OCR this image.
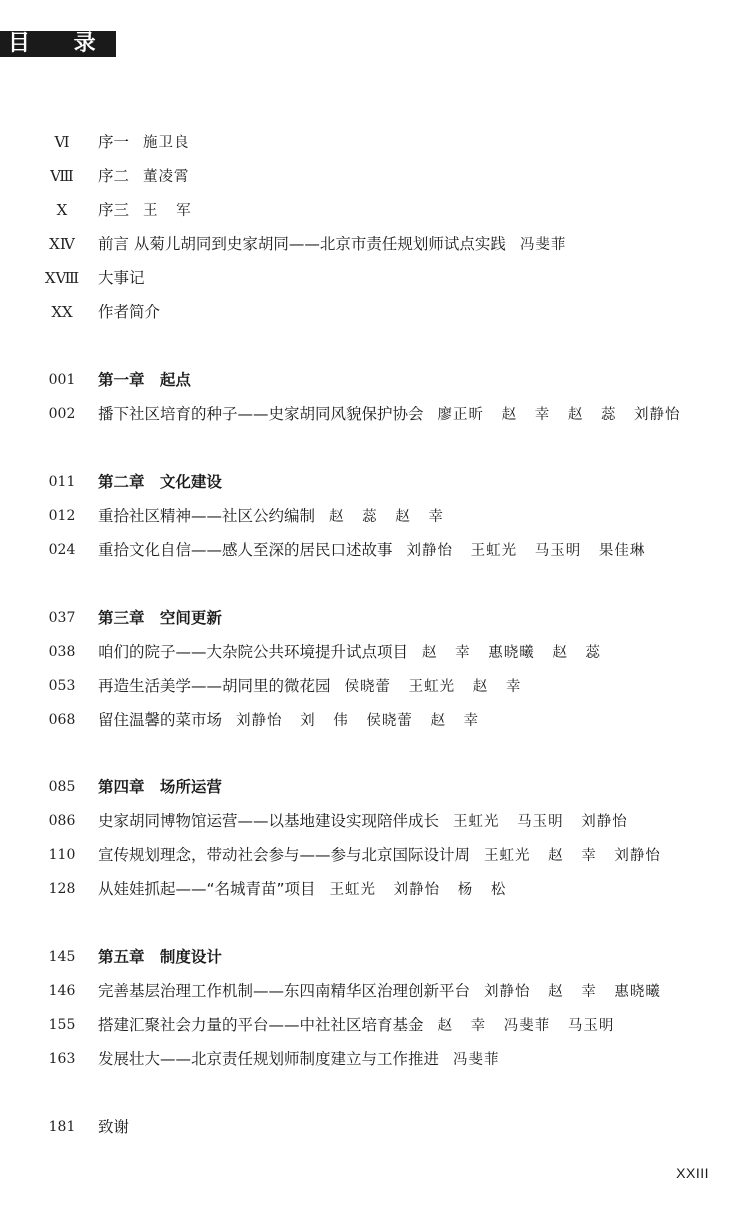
目 录
Ⅵ	序一 施卫良
Ⅷ	序二 董凌霄
Ⅹ	序三 王 军
ⅩⅣ	前言 从菊儿胡同到史家胡同——北京市责任规划师试点实践 冯斐菲
ⅩⅧ 大事记
ⅩⅩ	作者简介
001	第一章 起点
002	播下社区培育的种子——史家胡同风貌保护协会 廖正昕 赵 幸 赵 蕊 刘静怡
011	第二章 文化建设
012	重拾社区精神——社区公约编制 赵 蕊 赵 幸
024	重拾文化自信——感人至深的居民口述故事 刘静怡 王虹光 马玉明 果佳琳
037	第三章 空间更新
038	咱们的院子——大杂院公共环境提升试点项目 赵 幸 惠晓曦 赵 蕊
053	再造生活美学——胡同里的微花园 侯晓蕾 王虹光 赵 幸
068	留住温馨的菜市场 刘静怡 刘 伟 侯晓蕾 赵 幸
085	第四章 场所运营
086	史家胡同博物馆运营——以基地建设实现陪伴成长 王虹光 马玉明 刘静怡
110	宣传规划理念，带动社会参与——参与北京国际设计周 王虹光 赵 幸 刘静怡
128	从娃娃抓起——“名城青苗”项目 王虹光 刘静怡 杨 松
145	第五章 制度设计
146	完善基层治理工作机制——东四南精华区治理创新平台 刘静怡 赵 幸 惠晓曦
155	搭建汇聚社会力量的平台——中社社区培育基金 赵 幸 冯斐菲 马玉明
163	发展壮大——北京责任规划师制度建立与工作推进 冯斐菲
181	致谢
XXIII
